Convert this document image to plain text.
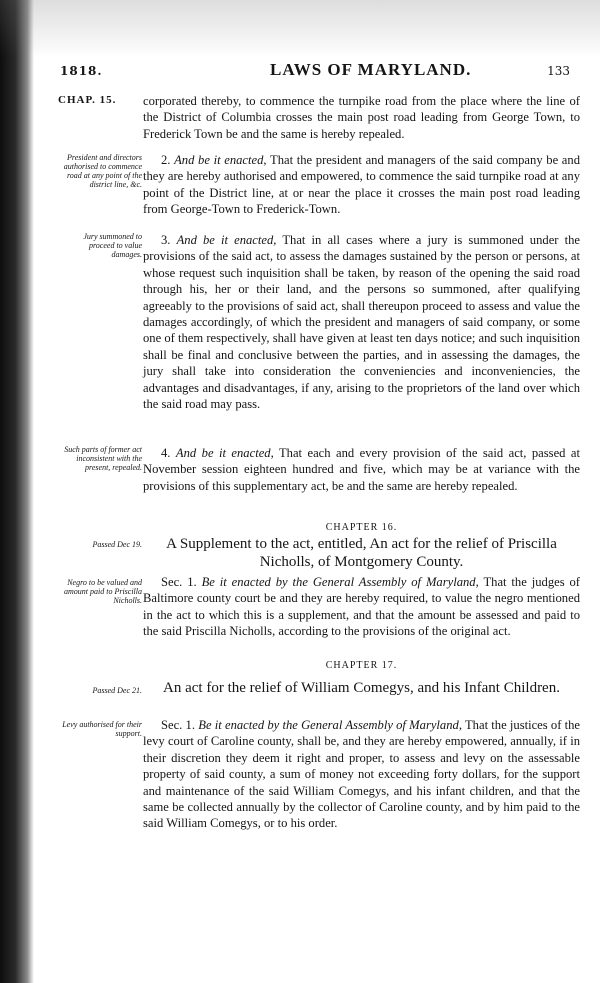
1818.	LAWS OF MARYLAND.	133
CHAP. 15.	corporated thereby, to commence the turnpike road from the place where the line of the District of Columbia crosses the main post road leading from George Town, to Frederick Town be and the same is hereby repealed.

President and directors authorised to commence road at any point of the district line, &c.

2. And be it enacted, That the president and managers of the said company be and they are hereby authorised and empowered, to commence the said turnpike road at any point of the District line, at or near the place it crosses the main post road leading from George-Town to Frederick-Town.

Jury summoned to proceed to value damages.

3. And be it enacted, That in all cases where a jury is summoned under the provisions of the said act, to assess the damages sustained by the person or persons, at whose request such inquisition shall be taken, by reason of the opening the said road through his, her or their land, and the persons so summoned, after qualifying agreeably to the provisions of said act, shall thereupon proceed to assess and value the damages accordingly, of which the president and managers of said company, or some one of them respectively, shall have given at least ten days notice; and such inquisition shall be final and conclusive between the parties, and in assessing the damages, the jury shall take into consideration the conveniencies and inconveniencies, the advantages and disadvantages, if any, arising to the proprietors of the land over which the said road may pass.

Such parts of former act inconsistent with the present, repealed.

4. And be it enacted, That each and every provision of the said act, passed at November session eighteen hundred and five, which may be at variance with the provisions of this supplementary act, be and the same are hereby repealed.

CHAPTER 16.
Passed Dec 19.	A Supplement to the act, entitled, An act for the relief of Priscilla Nicholls, of Montgomery County.
Negro to be valued and amount paid to Priscilla Nicholls.

Sec. 1. Be it enacted by the General Assembly of Maryland, That the judges of Baltimore county court be and they are hereby required, to value the negro mentioned in the act to which this is a supplement, and that the amount be assessed and paid to the said Priscilla Nicholls, according to the provisions of the original act.

CHAPTER 17.
Passed Dec 21.	An act for the relief of William Comegys, and his Infant Children.
Levy authorised for their support.

Sec. 1. Be it enacted by the General Assembly of Maryland, That the justices of the levy court of Caroline county, shall be, and they are hereby empowered, annually, if in their discretion they deem it right and proper, to assess and levy on the assessable property of said county, a sum of money not exceeding forty dollars, for the support and maintenance of the said William Comegys, and his infant children, and that the same be collected annually by the collector of Caroline county, and by him paid to the said William Comegys, or to his order.
